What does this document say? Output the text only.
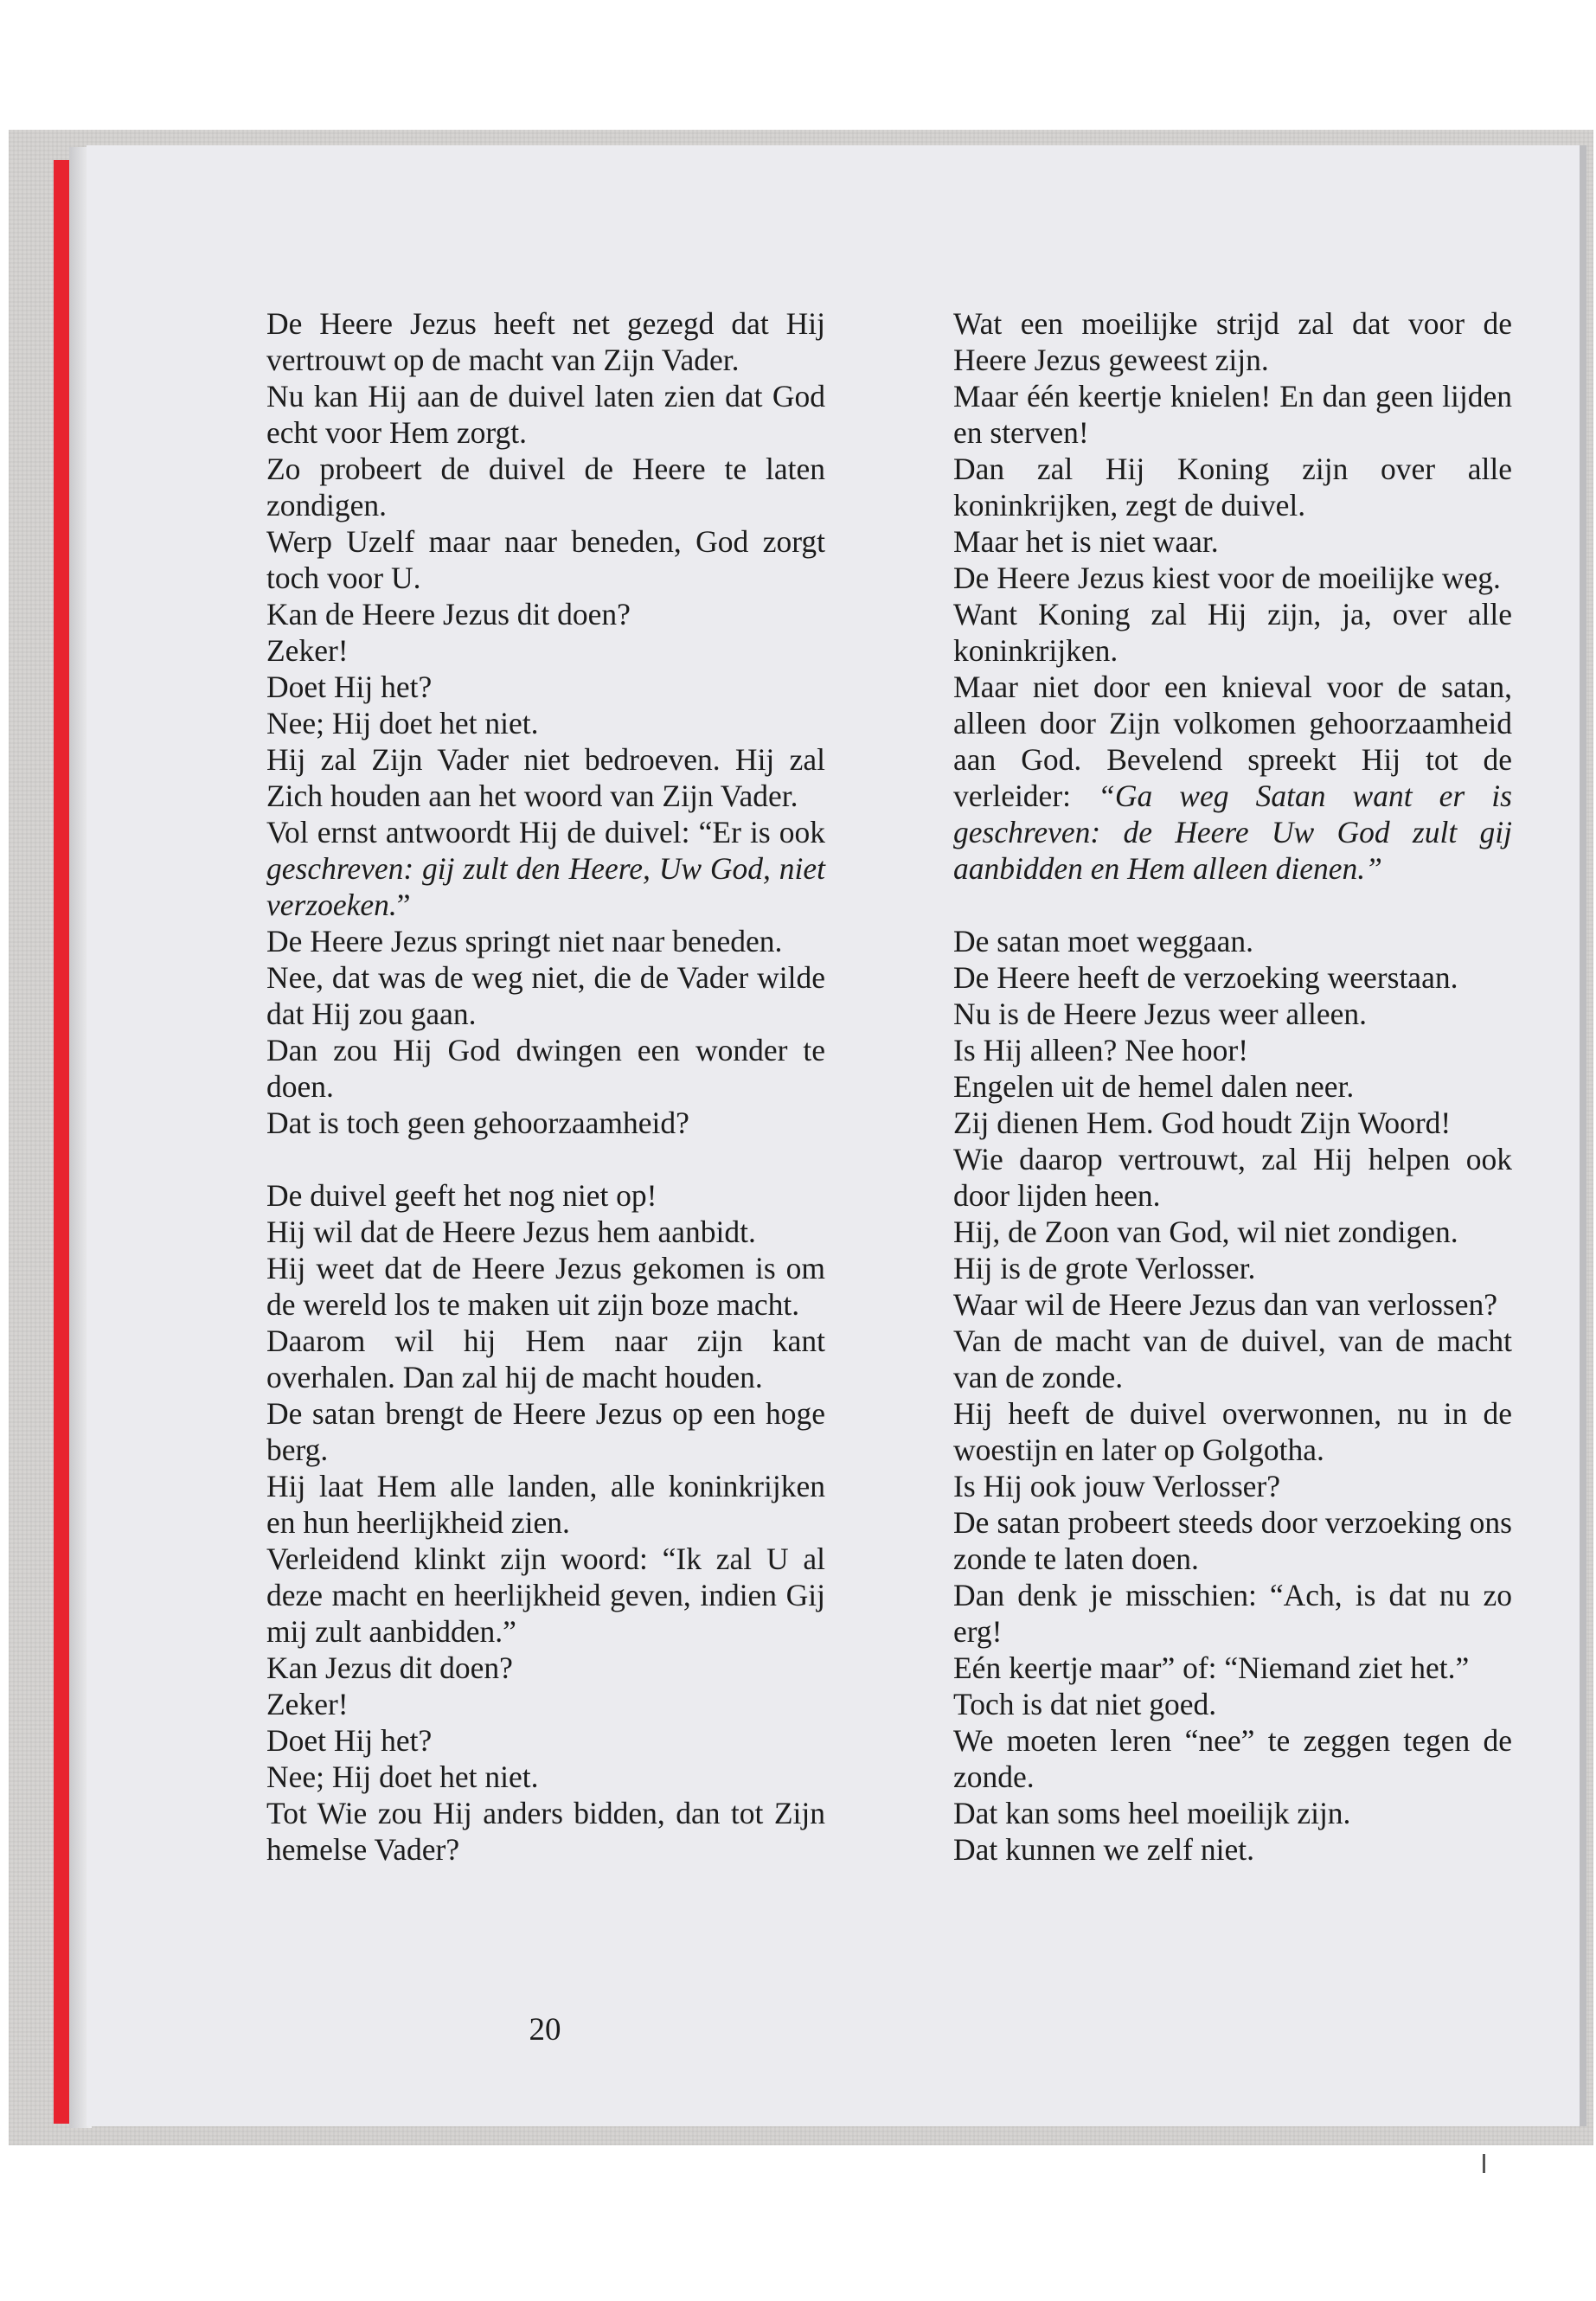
De Heere Jezus heeft net gezegd dat Hij vertrouwt op de macht van Zijn Vader.

Nu kan Hij aan de duivel laten zien dat God echt voor Hem zorgt.

Zo probeert de duivel de Heere te laten zondigen.

Werp Uzelf maar naar beneden, God zorgt toch voor U.

Kan de Heere Jezus dit doen?

Zeker!

Doet Hij het?

Nee; Hij doet het niet.

Hij zal Zijn Vader niet bedroeven. Hij zal Zich houden aan het woord van Zijn Vader.

Vol ernst antwoordt Hij de duivel: “Er is ook geschreven: gij zult den Heere, Uw God, niet verzoeken.”

De Heere Jezus springt niet naar beneden.

Nee, dat was de weg niet, die de Vader wilde dat Hij zou gaan.

Dan zou Hij God dwingen een wonder te doen.

Dat is toch geen gehoorzaamheid?

De duivel geeft het nog niet op!

Hij wil dat de Heere Jezus hem aanbidt.

Hij weet dat de Heere Jezus gekomen is om de wereld los te maken uit zijn boze macht.

Daarom wil hij Hem naar zijn kant overhalen. Dan zal hij de macht houden.

De satan brengt de Heere Jezus op een hoge berg.

Hij laat Hem alle landen, alle koninkrijken en hun heerlijkheid zien.

Verleidend klinkt zijn woord: “Ik zal U al deze macht en heerlijkheid geven, indien Gij mij zult aanbidden.”

Kan Jezus dit doen?

Zeker!

Doet Hij het?

Nee; Hij doet het niet.

Tot Wie zou Hij anders bidden, dan tot Zijn hemelse Vader?

Wat een moeilijke strijd zal dat voor de Heere Jezus geweest zijn.

Maar één keertje knielen! En dan geen lijden en sterven!

Dan zal Hij Koning zijn over alle koninkrijken, zegt de duivel.

Maar het is niet waar.

De Heere Jezus kiest voor de moeilijke weg.

Want Koning zal Hij zijn, ja, over alle koninkrijken.

Maar niet door een knieval voor de satan, alleen door Zijn volkomen gehoorzaamheid aan God. Bevelend spreekt Hij tot de verleider: “Ga weg Satan want er is geschreven: de Heere Uw God zult gij aanbidden en Hem alleen dienen.”

De satan moet weggaan.

De Heere heeft de verzoeking weerstaan.

Nu is de Heere Jezus weer alleen.

Is Hij alleen? Nee hoor!

Engelen uit de hemel dalen neer.

Zij dienen Hem. God houdt Zijn Woord!

Wie daarop vertrouwt, zal Hij helpen ook door lijden heen.

Hij, de Zoon van God, wil niet zondigen.

Hij is de grote Verlosser.

Waar wil de Heere Jezus dan van verlossen?

Van de macht van de duivel, van de macht van de zonde.

Hij heeft de duivel overwonnen, nu in de woestijn en later op Golgotha.

Is Hij ook jouw Verlosser?

De satan probeert steeds door verzoeking ons zonde te laten doen.

Dan denk je misschien: “Ach, is dat nu zo erg!

Eén keertje maar” of: “Niemand ziet het.”

Toch is dat niet goed.

We moeten leren “nee” te zeggen tegen de zonde.

Dat kan soms heel moeilijk zijn.

Dat kunnen we zelf niet.

20
